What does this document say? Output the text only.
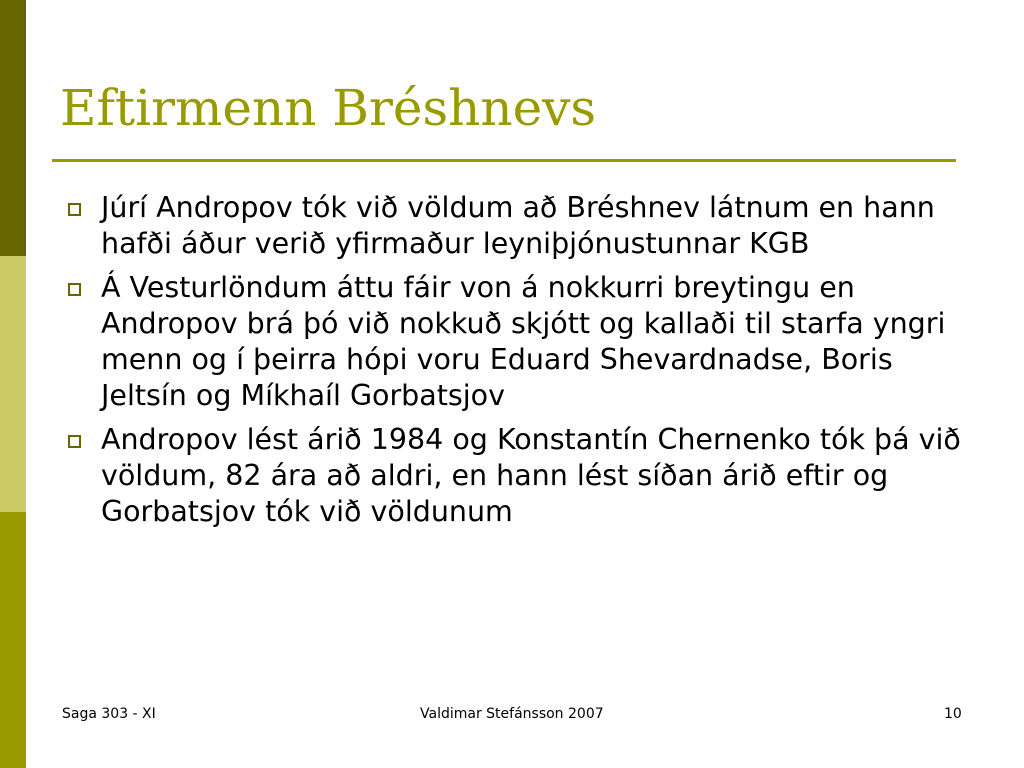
Eftirmenn Bréshnevs
Júrí Andropov tók við völdum að Bréshnev látnum en hann hafði áður verið yfirmaður leyniþjónustunnar KGB
Á Vesturlöndum áttu fáir von á nokkurri breytingu en Andropov brá þó við nokkuð skjótt og kallaði til starfa yngri menn og í þeirra hópi voru Eduard Shevardnadse, Boris Jeltsín og Míkhaíl Gorbatsjov
Andropov lést árið 1984 og Konstantín Chernenko tók þá við völdum, 82 ára að aldri, en hann lést síðan árið eftir og Gorbatsjov tók við völdunum
Saga 303 - XI	Valdimar Stefánsson 2007	10
